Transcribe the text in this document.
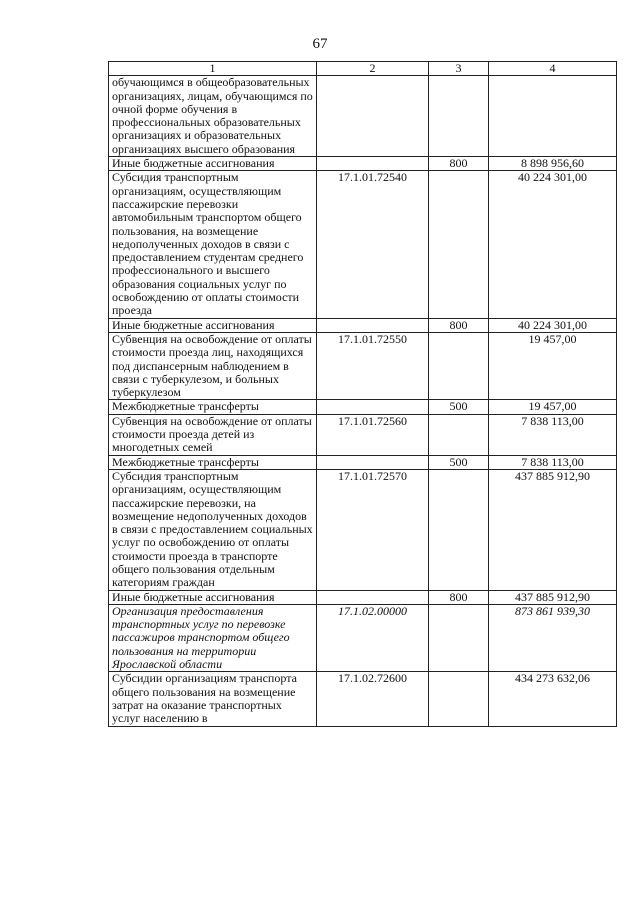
67
1	2	3	4
обучающимся в общеобразовательных организациях, лицам, обучающимся по очной форме обучения в профессиональных образовательных организациях и образовательных организациях высшего образования			
Иные бюджетные ассигнования		800	8 898 956,60
Субсидия транспортным организациям, осуществляющим пассажирские перевозки автомобильным транспортом общего пользования, на возмещение недополученных доходов в связи с предоставлением студентам среднего профессионального и высшего образования социальных услуг по освобождению от оплаты стоимости проезда	17.1.01.72540		40 224 301,00
Иные бюджетные ассигнования		800	40 224 301,00
Субвенция на освобождение от оплаты стоимости проезда лиц, находящихся под диспансерным наблюдением в связи с туберкулезом, и больных туберкулезом	17.1.01.72550		19 457,00
Межбюджетные трансферты		500	19 457,00
Субвенция на освобождение от оплаты стоимости проезда детей из многодетных семей	17.1.01.72560		7 838 113,00
Межбюджетные трансферты		500	7 838 113,00
Субсидия транспортным организациям, осуществляющим пассажирские перевозки, на возмещение недополученных доходов в связи с предоставлением социальных услуг по освобождению от оплаты стоимости проезда в транспорте общего пользования отдельным категориям граждан	17.1.01.72570		437 885 912,90
Иные бюджетные ассигнования		800	437 885 912,90
Организация предоставления транспортных услуг по перевозке пассажиров транспортом общего пользования на территории Ярославской области	17.1.02.00000		873 861 939,30
Субсидии организациям транспорта общего пользования на возмещение затрат на оказание транспортных услуг населению в	17.1.02.72600		434 273 632,06
